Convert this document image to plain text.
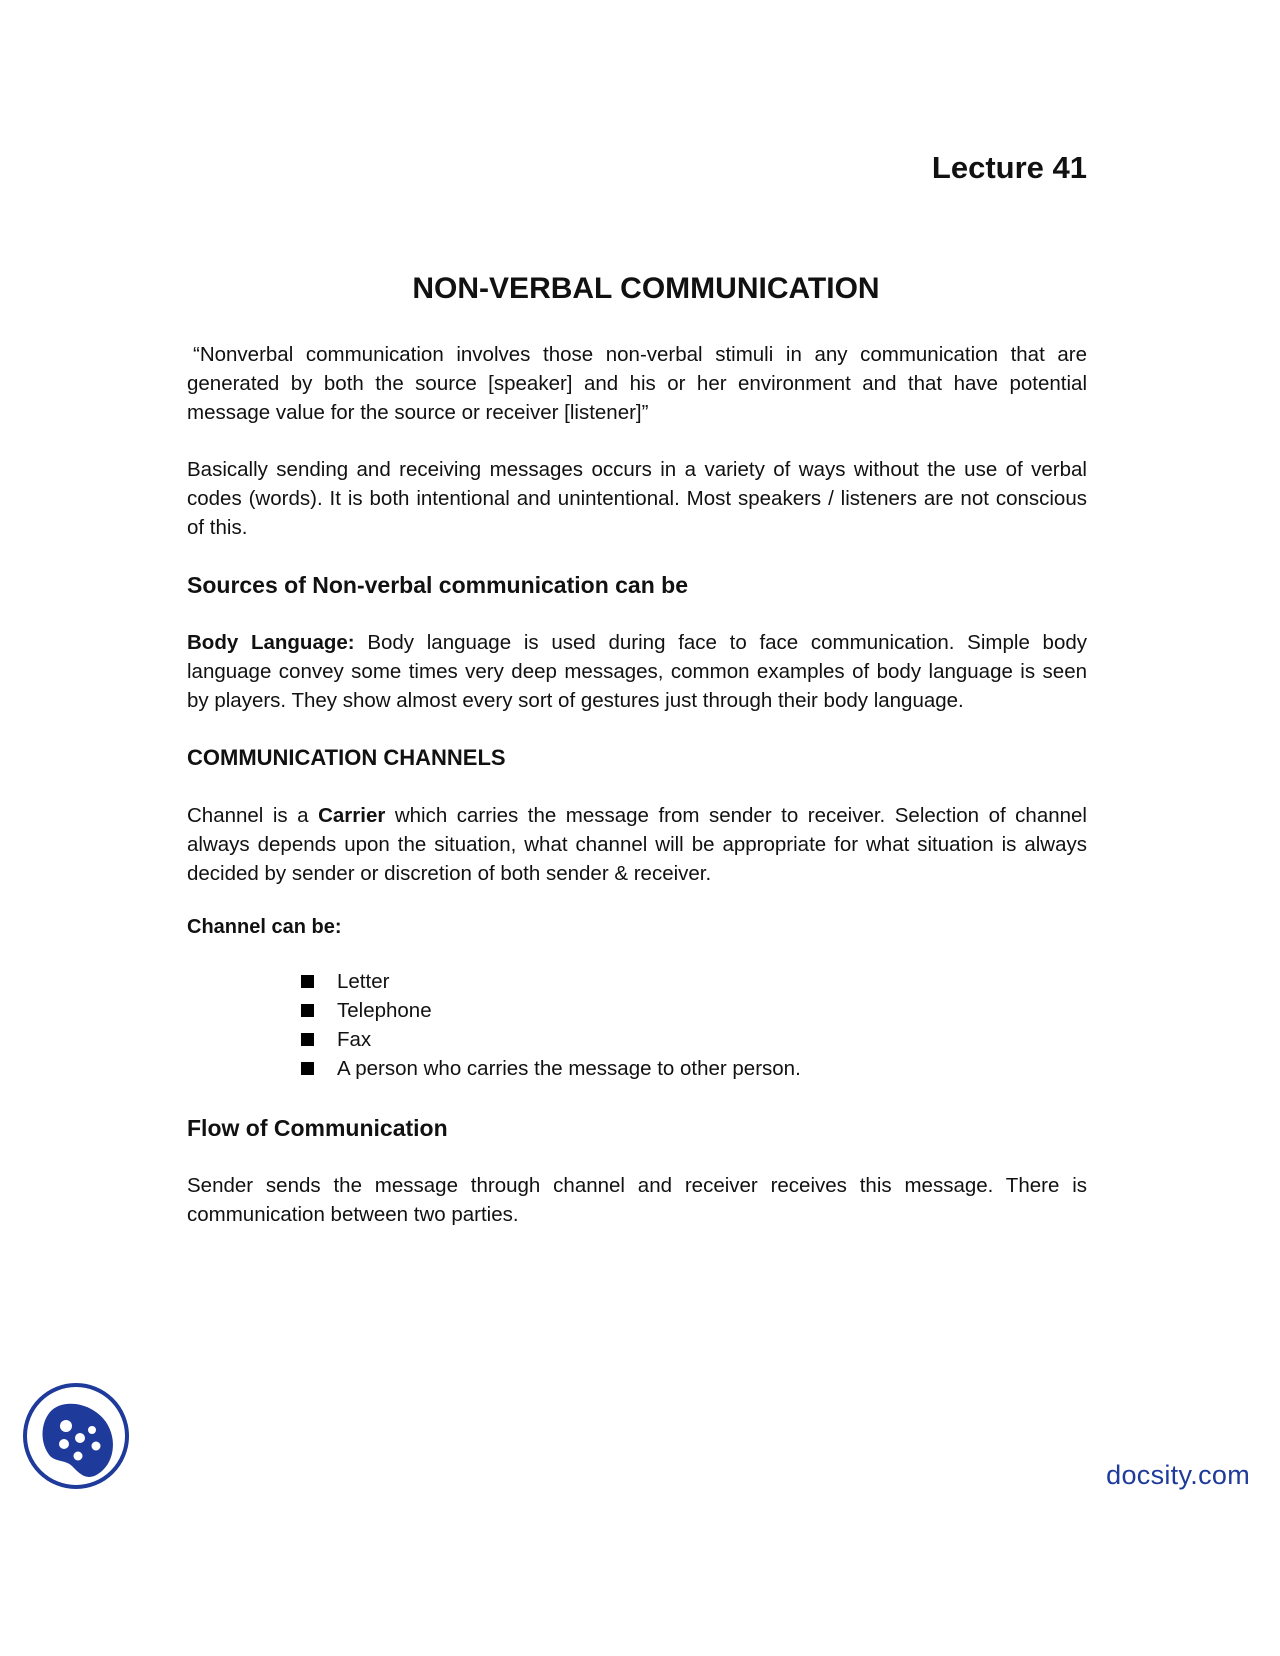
Lecture 41
NON-VERBAL COMMUNICATION

“Nonverbal communication involves those non-verbal stimuli in any communication that are generated by both the source [speaker] and his or her environment and that have potential message value for the source or receiver [listener]”

Basically sending and receiving messages occurs in a variety of ways without the use of verbal codes (words). It is both intentional and unintentional. Most speakers / listeners are not conscious of this.

Sources of Non-verbal communication can be

Body Language: Body language is used during face to face communication. Simple body language convey some times very deep messages, common examples of body language is seen by players. They show almost every sort of gestures just through their body language.

COMMUNICATION CHANNELS

Channel is a Carrier which carries the message from sender to receiver. Selection of channel always depends upon the situation, what channel will be appropriate for what situation is always decided by sender or discretion of both sender & receiver.

Channel can be:
Letter
Telephone
Fax
A person who carries the message to other person.
Flow of Communication

Sender sends the message through channel and receiver receives this message. There is communication between two parties.

docsity.com
